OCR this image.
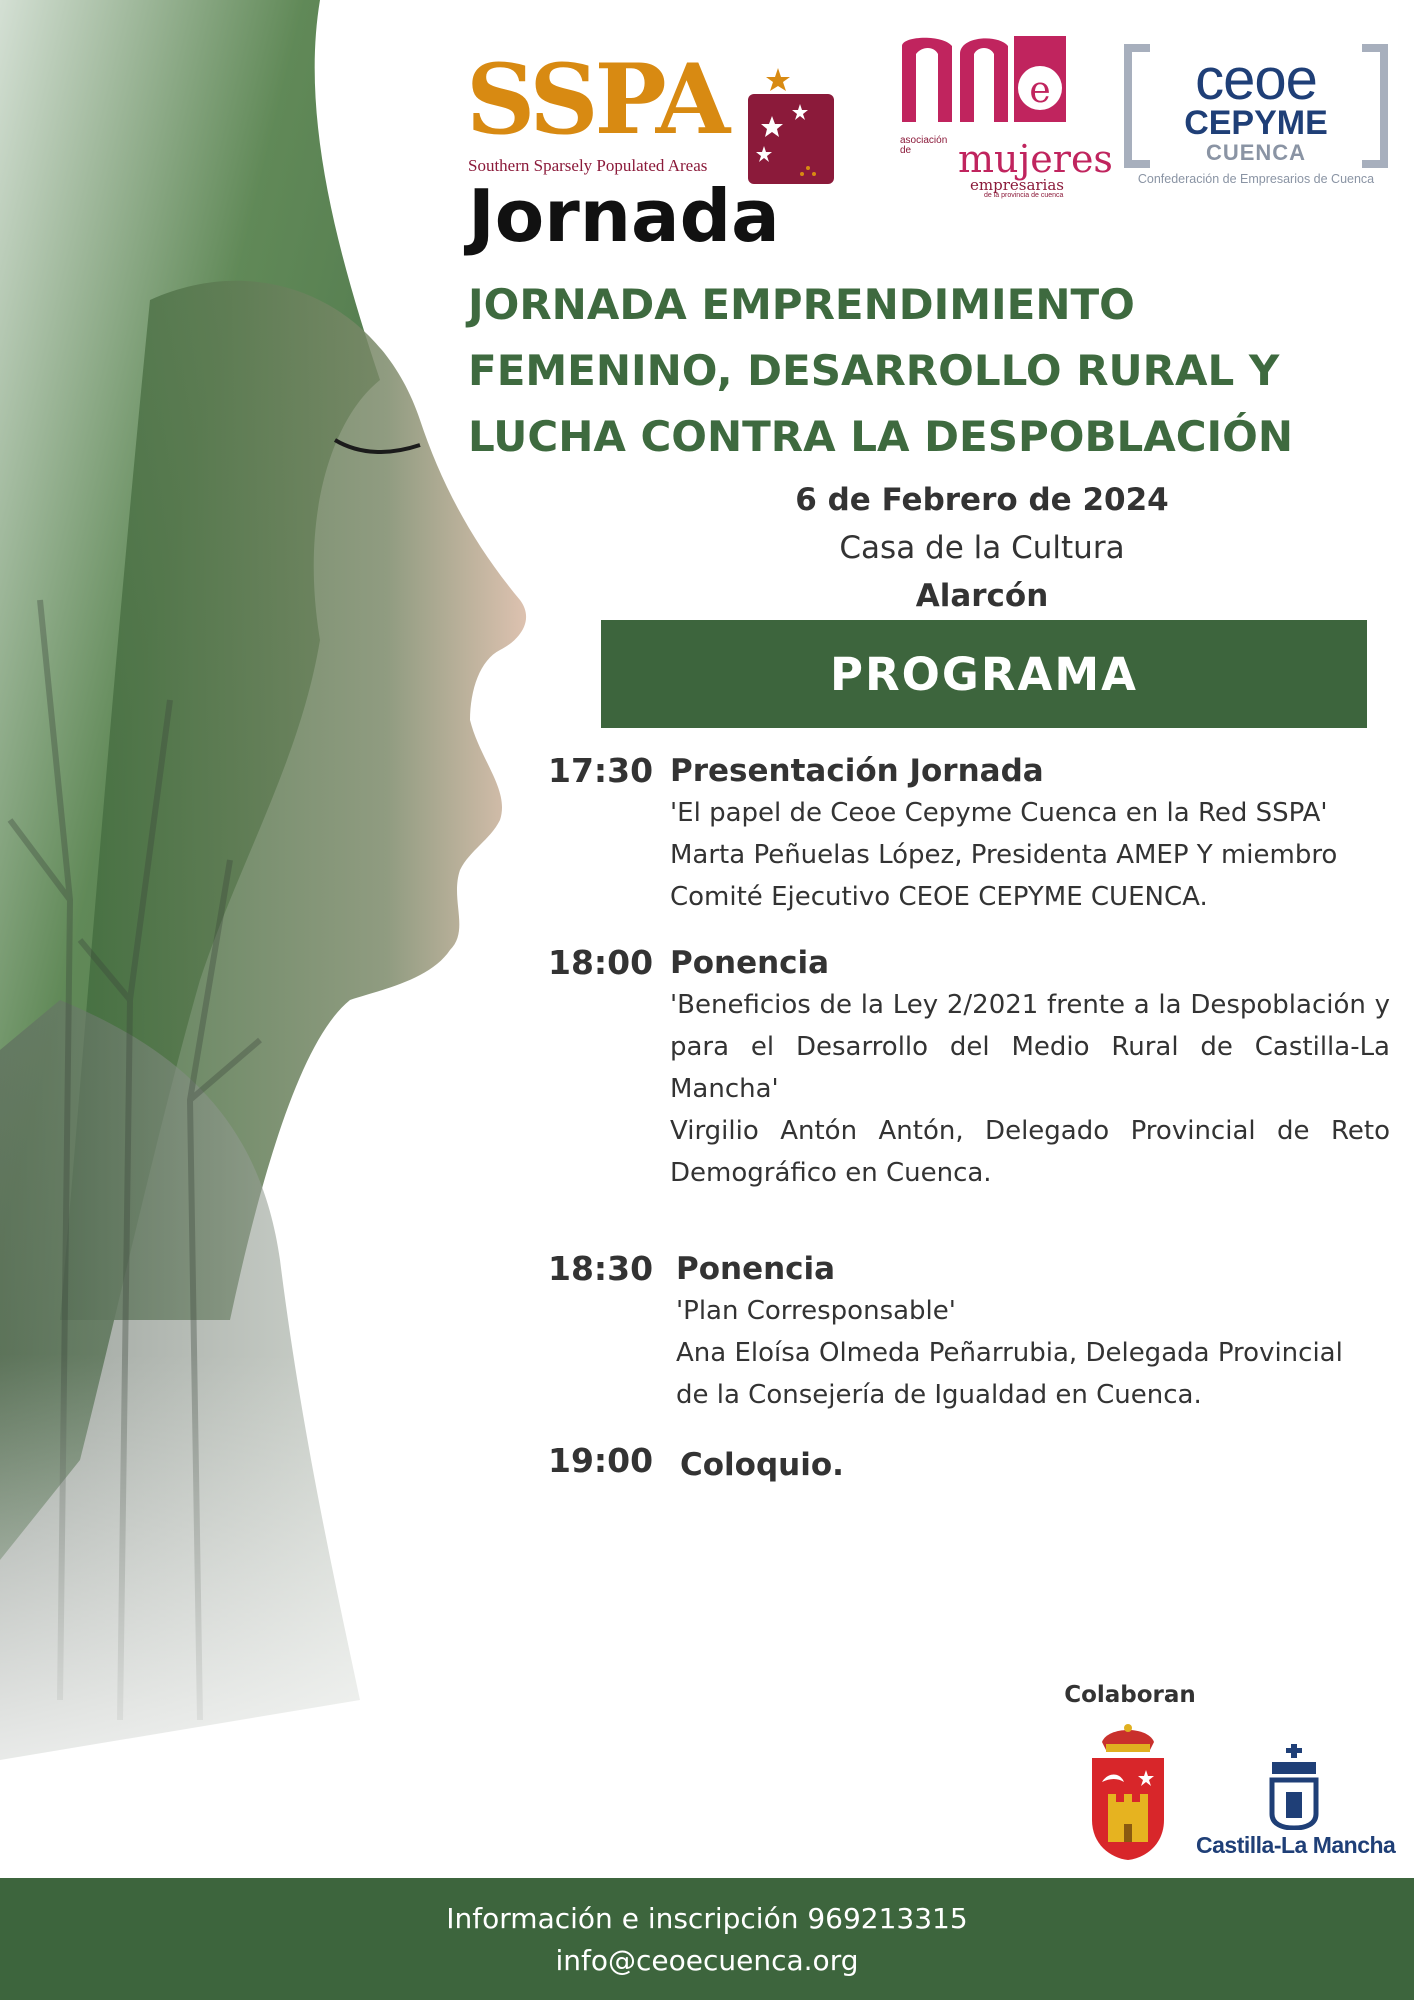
SSPA
Southern Sparsely Populated Areas
e
asociación de	mujeres
empresarias
de la provincia de cuenca
ceoe
CEPYME
CUENCA
Confederación de Empresarios de Cuenca
Jornada
JORNADA EMPRENDIMIENTO FEMENINO, DESARROLLO RURAL Y LUCHA CONTRA LA DESPOBLACIÓN
6 de Febrero de 2024
Casa de la Cultura
Alarcón
PROGRAMA
17:30 Presentación Jornada
'El papel de Ceoe Cepyme Cuenca en la Red SSPA'
Marta Peñuelas López, Presidenta AMEP Y miembro Comité Ejecutivo CEOE CEPYME CUENCA.
18:00 Ponencia
'Beneficios de la Ley 2/2021 frente a la Despoblación y para el Desarrollo del Medio Rural de Castilla-La Mancha'
Virgilio Antón Antón, Delegado Provincial de Reto Demográfico en Cuenca.
18:30 Ponencia
'Plan Corresponsable'
Ana Eloísa Olmeda Peñarrubia, Delegada Provincial de la Consejería de Igualdad en Cuenca.
19:00 Coloquio.
Colaboran
Castilla-La Mancha
Información e inscripción 969213315
info@ceoecuenca.org
